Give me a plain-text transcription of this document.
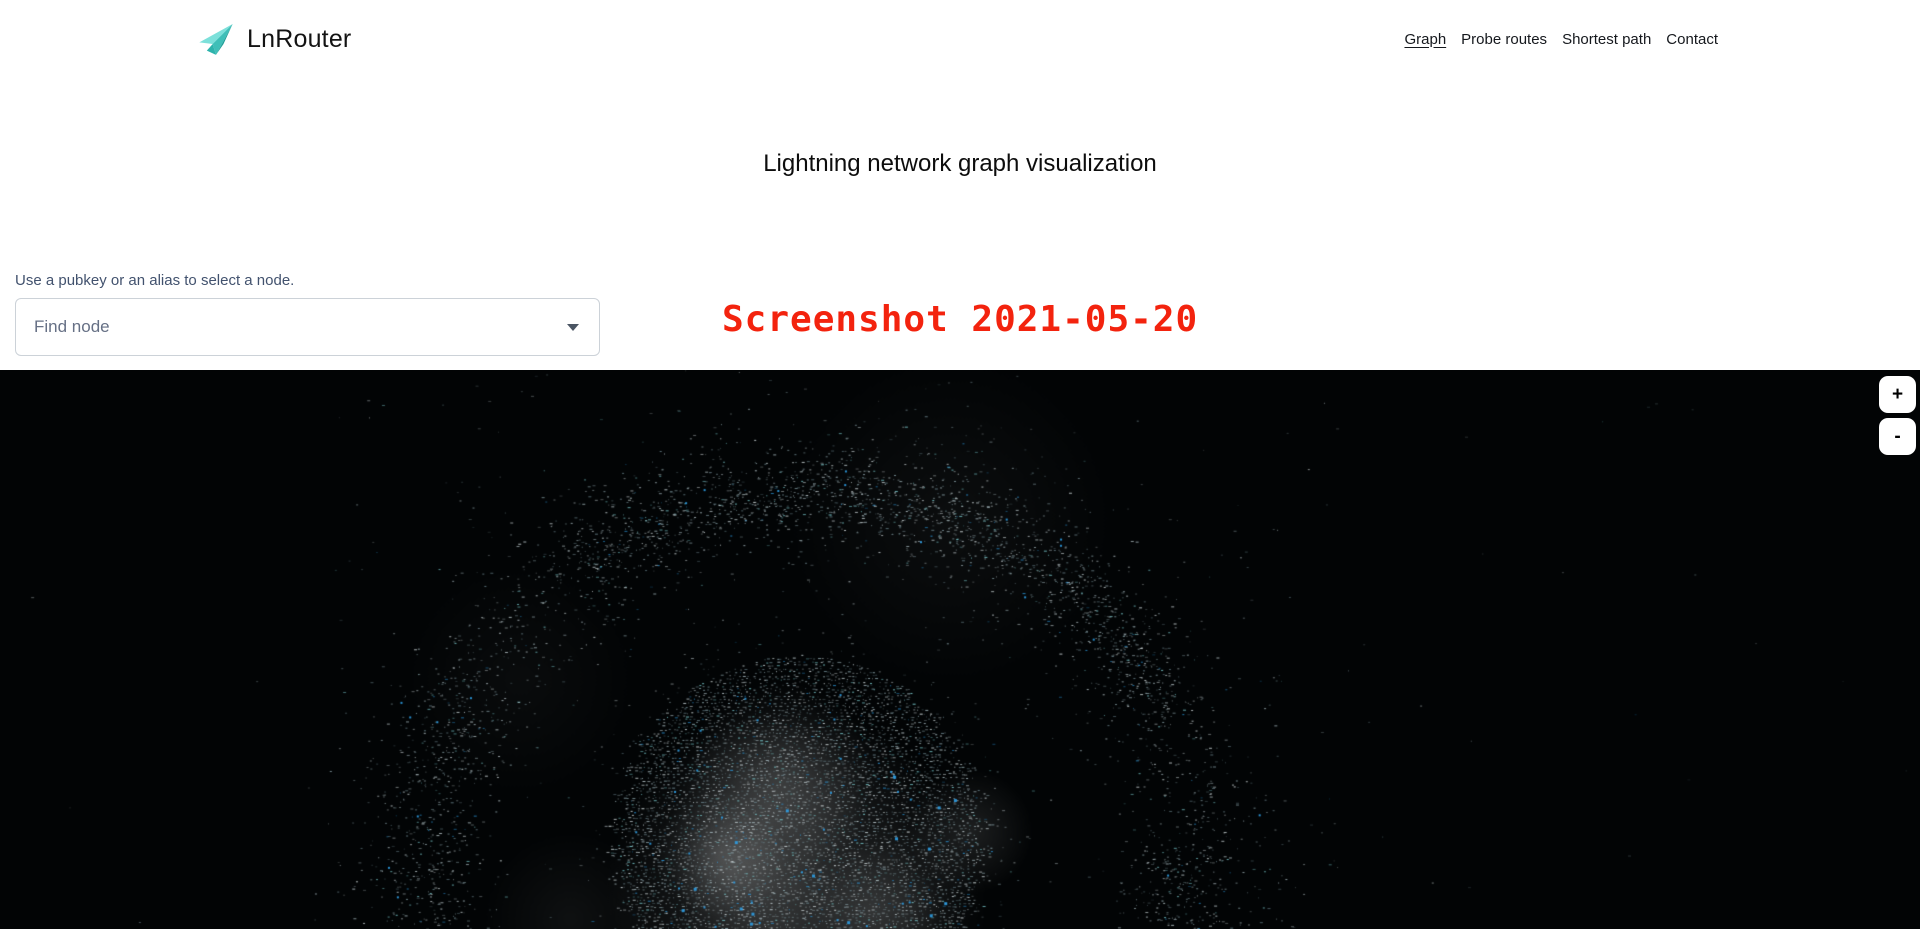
LnRouter	Graph Probe routes Shortest path Contact
Lightning network graph visualization
Use a pubkey or an alias to select a node.
Find node	Screenshot 2021-05-20
+
-
